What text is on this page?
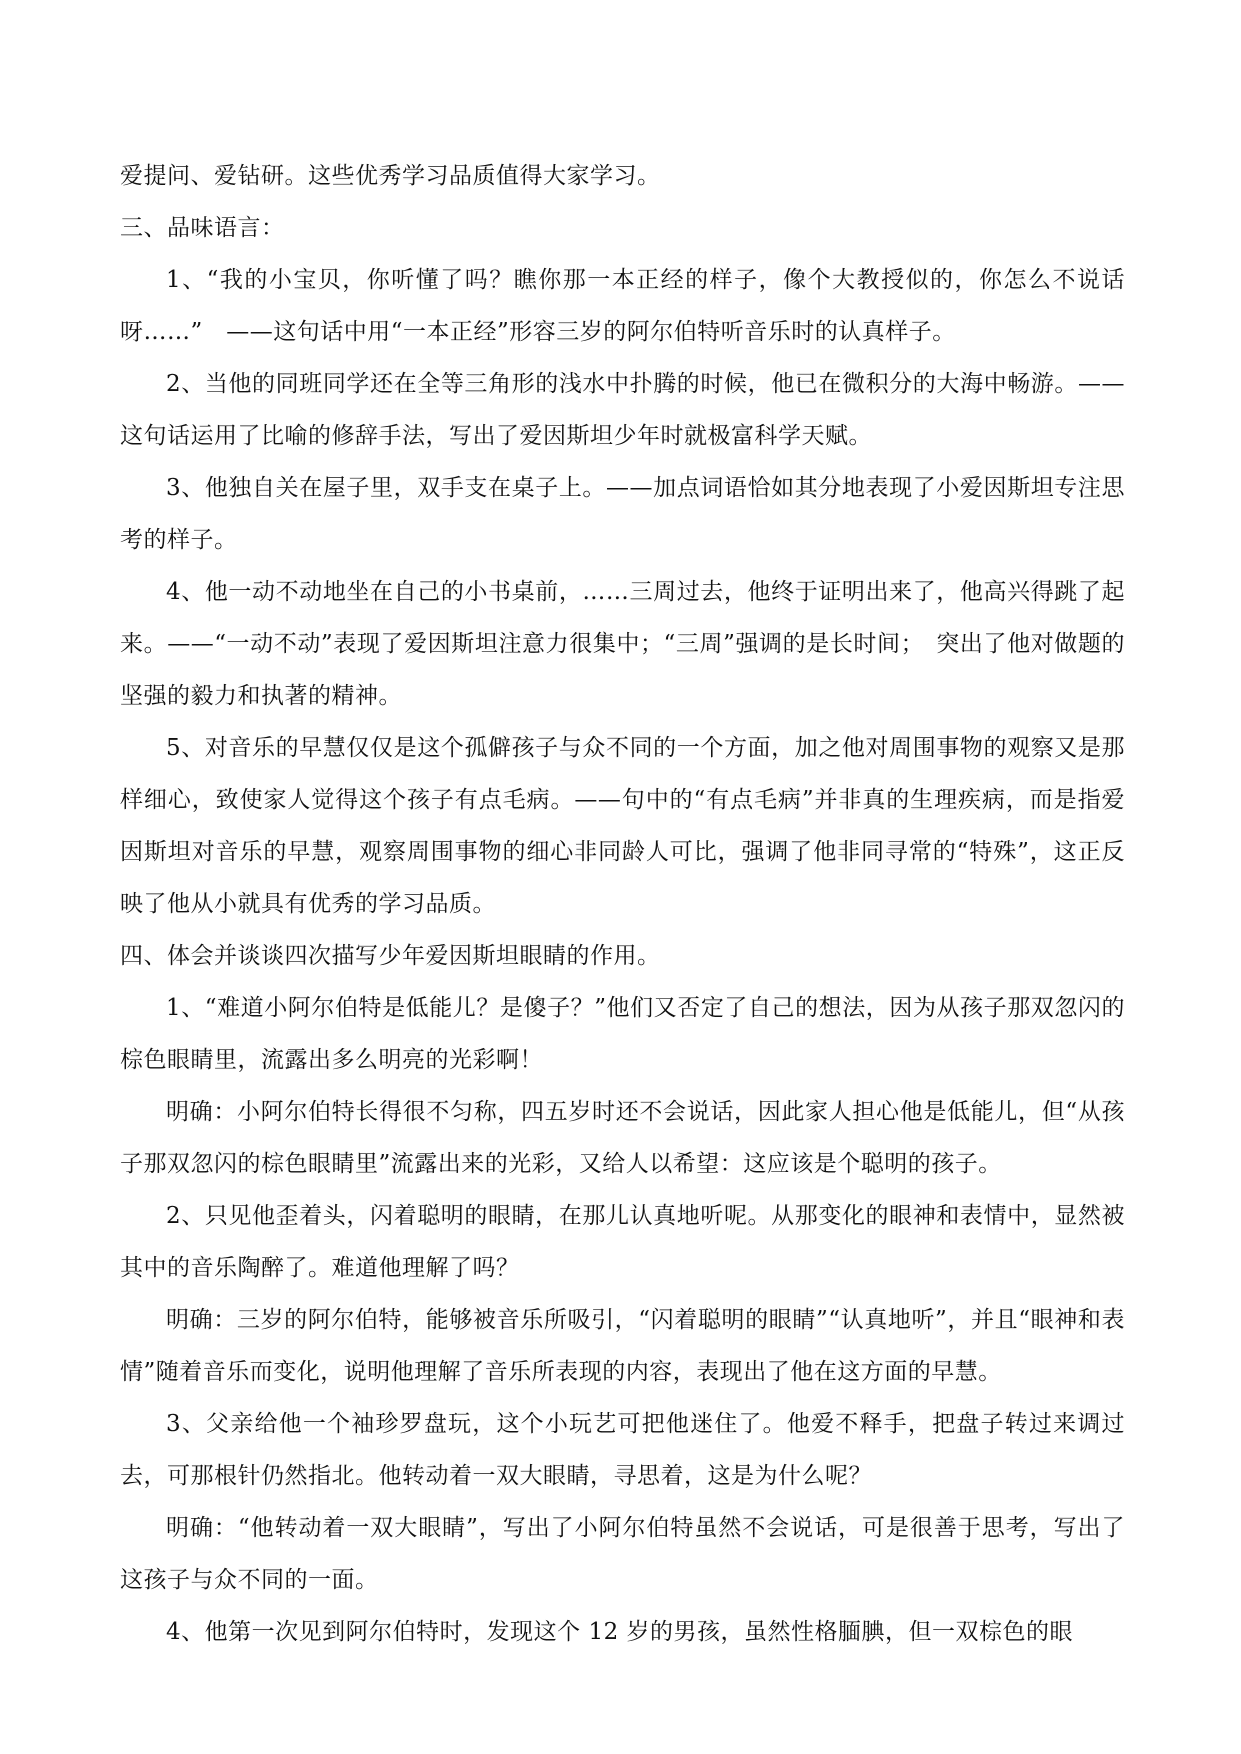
爱提问、爱钻研。这些优秀学习品质值得大家学习。

三、品味语言：

1、“我的小宝贝，你听懂了吗？瞧你那一本正经的样子，像个大教授似的，你怎么不说话呀……”　——这句话中用“一本正经”形容三岁的阿尔伯特听音乐时的认真样子。

2、当他的同班同学还在全等三角形的浅水中扑腾的时候，他已在微积分的大海中畅游。——这句话运用了比喻的修辞手法，写出了爱因斯坦少年时就极富科学天赋。

3、他独自关在屋子里，双手支在桌子上。——加点词语恰如其分地表现了小爱因斯坦专注思考的样子。

4、他一动不动地坐在自己的小书桌前，……三周过去，他终于证明出来了，他高兴得跳了起来。——“一动不动”表现了爱因斯坦注意力很集中；“三周”强调的是长时间；　突出了他对做题的坚强的毅力和执著的精神。

5、对音乐的早慧仅仅是这个孤僻孩子与众不同的一个方面，加之他对周围事物的观察又是那样细心，致使家人觉得这个孩子有点毛病。——句中的“有点毛病”并非真的生理疾病，而是指爱因斯坦对音乐的早慧，观察周围事物的细心非同龄人可比，强调了他非同寻常的“特殊”，这正反映了他从小就具有优秀的学习品质。

四、体会并谈谈四次描写少年爱因斯坦眼睛的作用。

1、“难道小阿尔伯特是低能儿？是傻子？”他们又否定了自己的想法，因为从孩子那双忽闪的棕色眼睛里，流露出多么明亮的光彩啊！

明确：小阿尔伯特长得很不匀称，四五岁时还不会说话，因此家人担心他是低能儿，但“从孩子那双忽闪的棕色眼睛里”流露出来的光彩，又给人以希望：这应该是个聪明的孩子。

2、只见他歪着头，闪着聪明的眼睛，在那儿认真地听呢。从那变化的眼神和表情中，显然被其中的音乐陶醉了。难道他理解了吗？

明确：三岁的阿尔伯特，能够被音乐所吸引，“闪着聪明的眼睛”“认真地听”，并且“眼神和表情”随着音乐而变化，说明他理解了音乐所表现的内容，表现出了他在这方面的早慧。

3、父亲给他一个袖珍罗盘玩，这个小玩艺可把他迷住了。他爱不释手，把盘子转过来调过去，可那根针仍然指北。他转动着一双大眼睛，寻思着，这是为什么呢？

明确：“他转动着一双大眼睛”，写出了小阿尔伯特虽然不会说话，可是很善于思考，写出了这孩子与众不同的一面。

4、他第一次见到阿尔伯特时，发现这个 12 岁的男孩，虽然性格腼腆，但一双棕色的眼
